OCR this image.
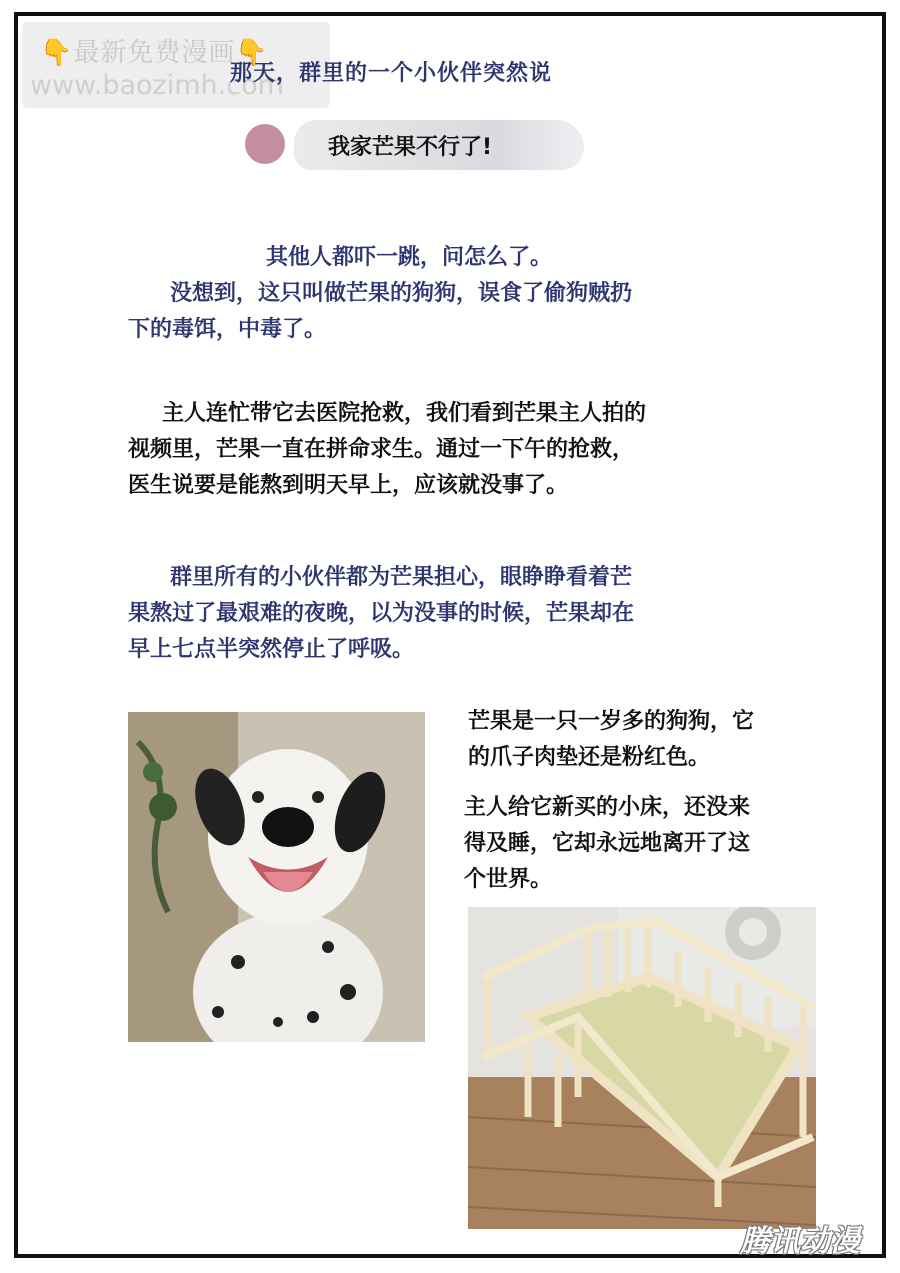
👇最新免费漫画👇
www.baozimh.com
那天，群里的一个小伙伴突然说
我家芒果不行了!

其他人都吓一跳，问怎么了。

没想到，这只叫做芒果的狗狗，误食了偷狗贼扔

下的毒饵，中毒了。

主人连忙带它去医院抢救，我们看到芒果主人拍的

视频里，芒果一直在拼命求生。通过一下午的抢救，

医生说要是能熬到明天早上，应该就没事了。

群里所有的小伙伴都为芒果担心，眼睁睁看着芒

果熬过了最艰难的夜晚，以为没事的时候，芒果却在

早上七点半突然停止了呼吸。

芒果是一只一岁多的狗狗，它

的爪子肉垫还是粉红色。

主人给它新买的小床，还没来

得及睡，它却永远地离开了这

个世界。

腾讯动漫
